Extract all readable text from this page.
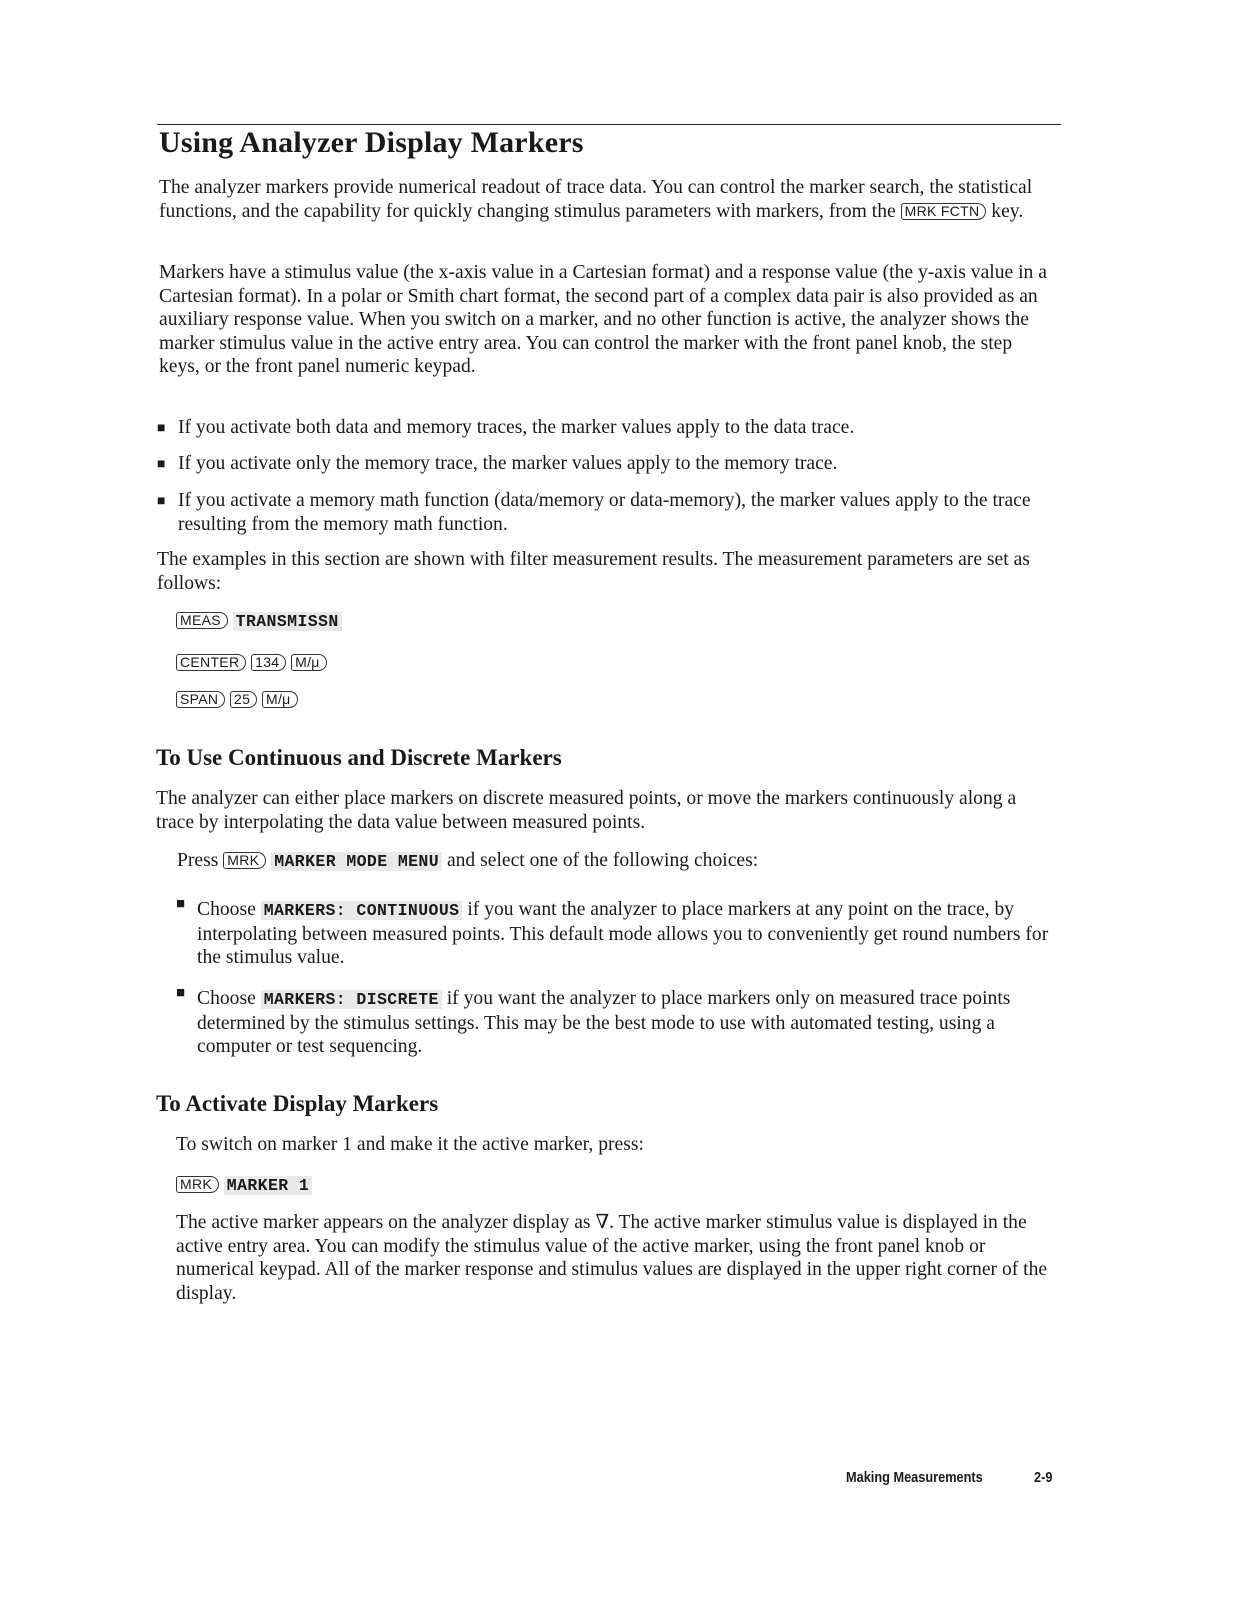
Using Analyzer Display Markers

The analyzer markers provide numerical readout of trace data. You can control the marker search, the statistical functions, and the capability for quickly changing stimulus parameters with markers, from the MRK FCTN key.

Markers have a stimulus value (the x-axis value in a Cartesian format) and a response value (the y-axis value in a Cartesian format). In a polar or Smith chart format, the second part of a complex data pair is also provided as an auxiliary response value. When you switch on a marker, and no other function is active, the analyzer shows the marker stimulus value in the active entry area. You can control the marker with the front panel knob, the step keys, or the front panel numeric keypad.

■ If you activate both data and memory traces, the marker values apply to the data trace.

■ If you activate only the memory trace, the marker values apply to the memory trace.

■ If you activate a memory math function (data/memory or data-memory), the marker values apply to the trace resulting from the memory math function.

The examples in this section are shown with filter measurement results. The measurement parameters are set as follows:

MEAS TRANSMISSN
CENTER 134 M/μ
SPAN 25 M/μ
To Use Continuous and Discrete Markers

The analyzer can either place markers on discrete measured points, or move the markers continuously along a trace by interpolating the data value between measured points.

Press MRK MARKER MODE MENU and select one of the following choices:
■ Choose MARKERS: CONTINUOUS if you want the analyzer to place markers at any point on the trace, by interpolating between measured points. This default mode allows you to conveniently get round numbers for the stimulus value.

■ Choose MARKERS: DISCRETE if you want the analyzer to place markers only on measured trace points determined by the stimulus settings. This may be the best mode to use with automated testing, using a computer or test sequencing.

To Activate Display Markers

To switch on marker 1 and make it the active marker, press:

MRK MARKER 1

The active marker appears on the analyzer display as ∇. The active marker stimulus value is displayed in the active entry area. You can modify the stimulus value of the active marker, using the front panel knob or numerical keypad. All of the marker response and stimulus values are displayed in the upper right corner of the display.

Making Measurements	2-9
